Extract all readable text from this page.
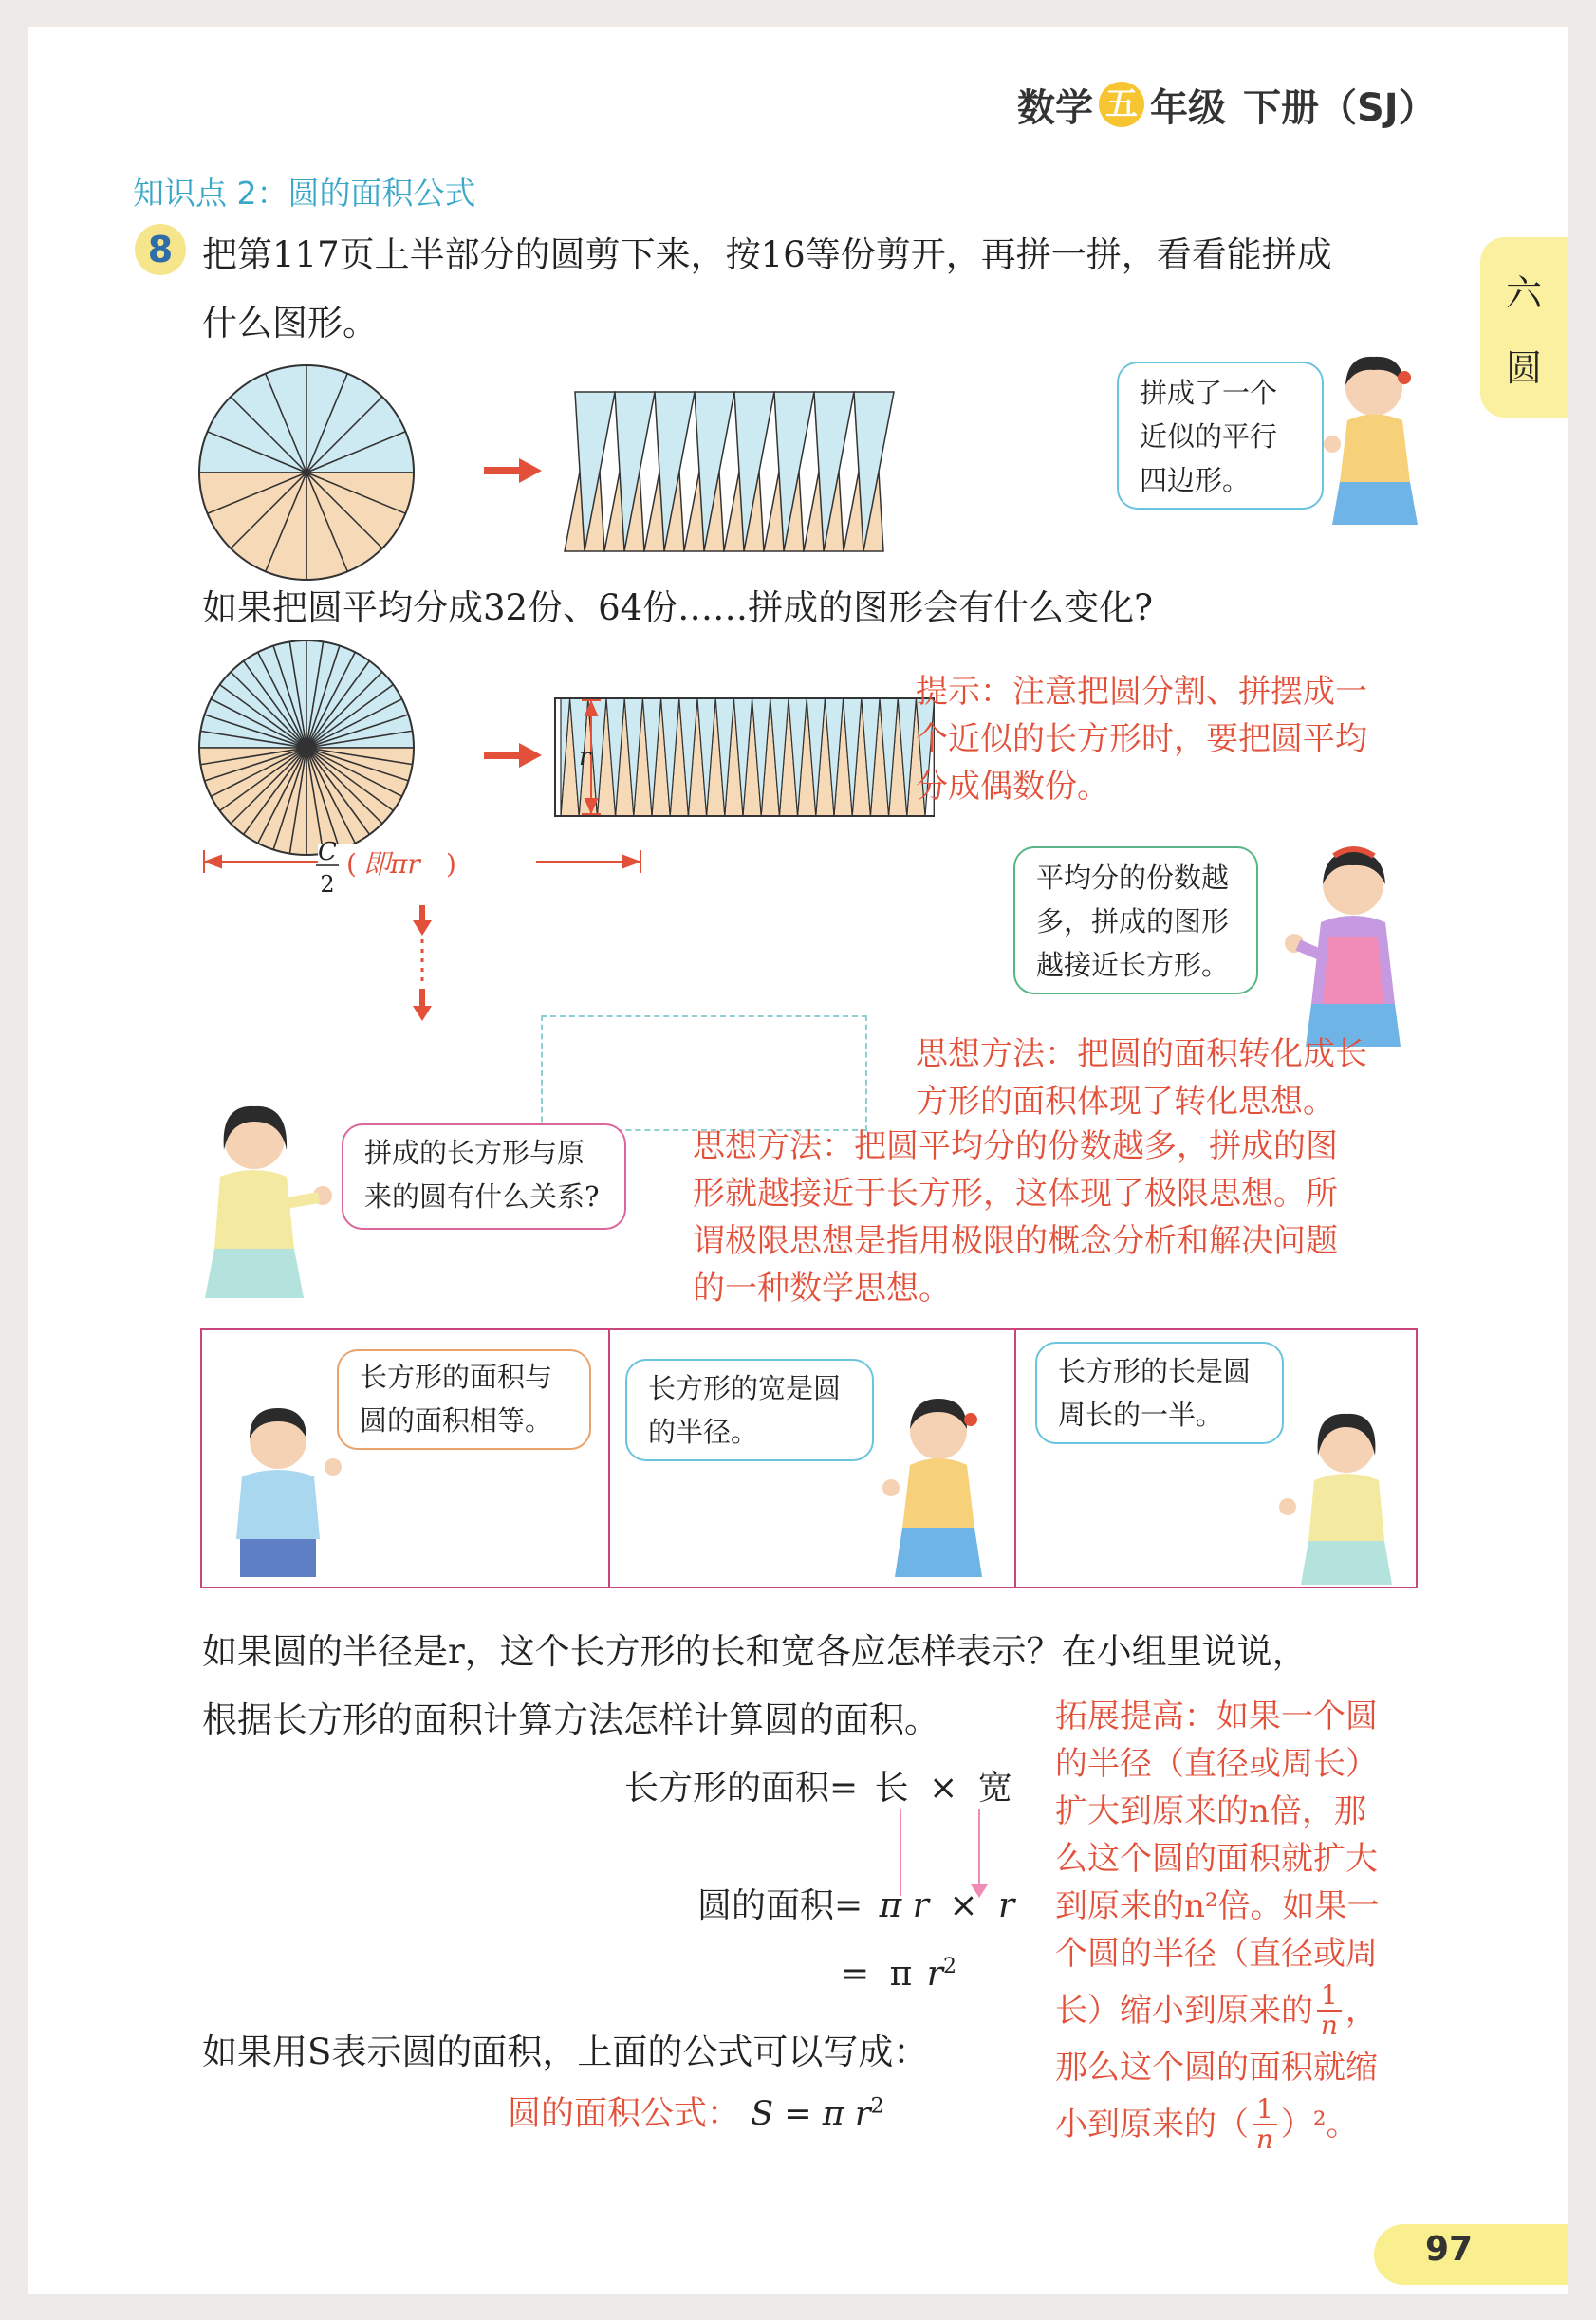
数学 五 年级 下册（SJ）
六
圆
知识点 2：圆的面积公式
8 把第117页上半部分的圆剪下来，按16等份剪开，再拼一拼，看看能拼成
什么图形。
拼成了一个
近似的平行
四边形。
如果把圆平均分成32份、64份……拼成的图形会有什么变化?
r
C
2
( 即πr )
提示：注意把圆分割、拼摆成一
个近似的长方形时，要把圆平均
分成偶数份。
平均分的份数越
多，拼成的图形
越接近长方形。
思想方法：把圆的面积转化成长
方形的面积体现了转化思想。
拼成的长方形与原
来的圆有什么关系?
思想方法：把圆平均分的份数越多，拼成的图
形就越接近于长方形，这体现了极限思想。所
谓极限思想是指用极限的概念分析和解决问题
的一种数学思想。
长方形的面积与
圆的面积相等。
长方形的宽是圆
的半径。
长方形的长是圆
周长的一半。
如果圆的半径是r，这个长方形的长和宽各应怎样表示？在小组里说说，
根据长方形的面积计算方法怎样计算圆的面积。
长方形的面积= 长 × 宽
圆的面积= π r × r
= π $r^2$
如果用S表示圆的面积，上面的公式可以写成：
圆的面积公式： S = π $r^2$
拓展提高：如果一个圆
的半径（直径或周长）
扩大到原来的n倍，那
么这个圆的面积就扩大
到原来的n²倍。如果一
个圆的半径（直径或周
长）缩小到原来的 $\frac{1}{n}$ ，
那么这个圆的面积就缩
小到原来的（ $\frac{1}{n} )^2$。
97
